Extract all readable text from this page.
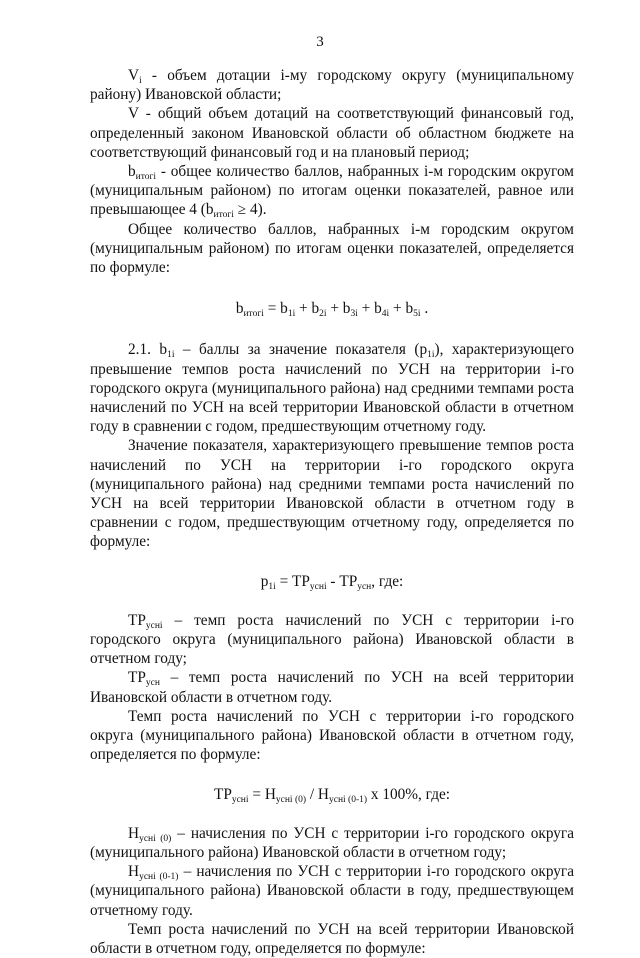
3

$V_i$ - объем дотации i-му городскому округу (муниципальному району) Ивановской области;

V - общий объем дотаций на соответствующий финансовый год, определенный законом Ивановской области об областном бюджете на соответствующий финансовый год и на плановый период;

$b_{итогі}$ - общее количество баллов, набранных i-м городским округом (муниципальным районом) по итогам оценки показателей, равное или превышающее 4 $(b_{итогі} \ge 4)$.

Общее количество баллов, набранных i-м городским округом (муниципальным районом) по итогам оценки показателей, определяется по формуле:

$b_{итогі} = b_{1i} + b_{2i} + b_{3i} + b_{4i} + b_{5i}$ .

2.1. $b_{1i}$ – баллы за значение показателя $(p_{1i})$, характеризующего превышение темпов роста начислений по УСН на территории i-го городского округа (муниципального района) над средними темпами роста начислений по УСН на всей территории Ивановской области в отчетном году в сравнении с годом, предшествующим отчетному году.

Значение показателя, характеризующего превышение темпов роста начислений по УСН на территории i-го городского округа (муниципального района) над средними темпами роста начислений по УСН на всей территории Ивановской области в отчетном году в сравнении с годом, предшествующим отчетному году, определяется по формуле:

$p_{1i} = ТР_{усні} - ТР_{усн}$, где:

$ТР_{усні}$ – темп роста начислений по УСН с территории i-го городского округа (муниципального района) Ивановской области в отчетном году;

$ТР_{усн}$ – темп роста начислений по УСН на всей территории Ивановской области в отчетном году.

Темп роста начислений по УСН с территории i-го городского округа (муниципального района) Ивановской области в отчетном году, определяется по формуле:

$ТР_{усні} = Н_{усні (0)} / Н_{усні (0-1)}$ х 100%, где:

$Н_{усні (0)}$ – начисления по УСН с территории i-го городского округа (муниципального района) Ивановской области в отчетном году;

$Н_{усні (0-1)}$ – начисления по УСН с территории i-го городского округа (муниципального района) Ивановской области в году, предшествующем отчетному году.

Темп роста начислений по УСН на всей территории Ивановской области в отчетном году, определяется по формуле:
